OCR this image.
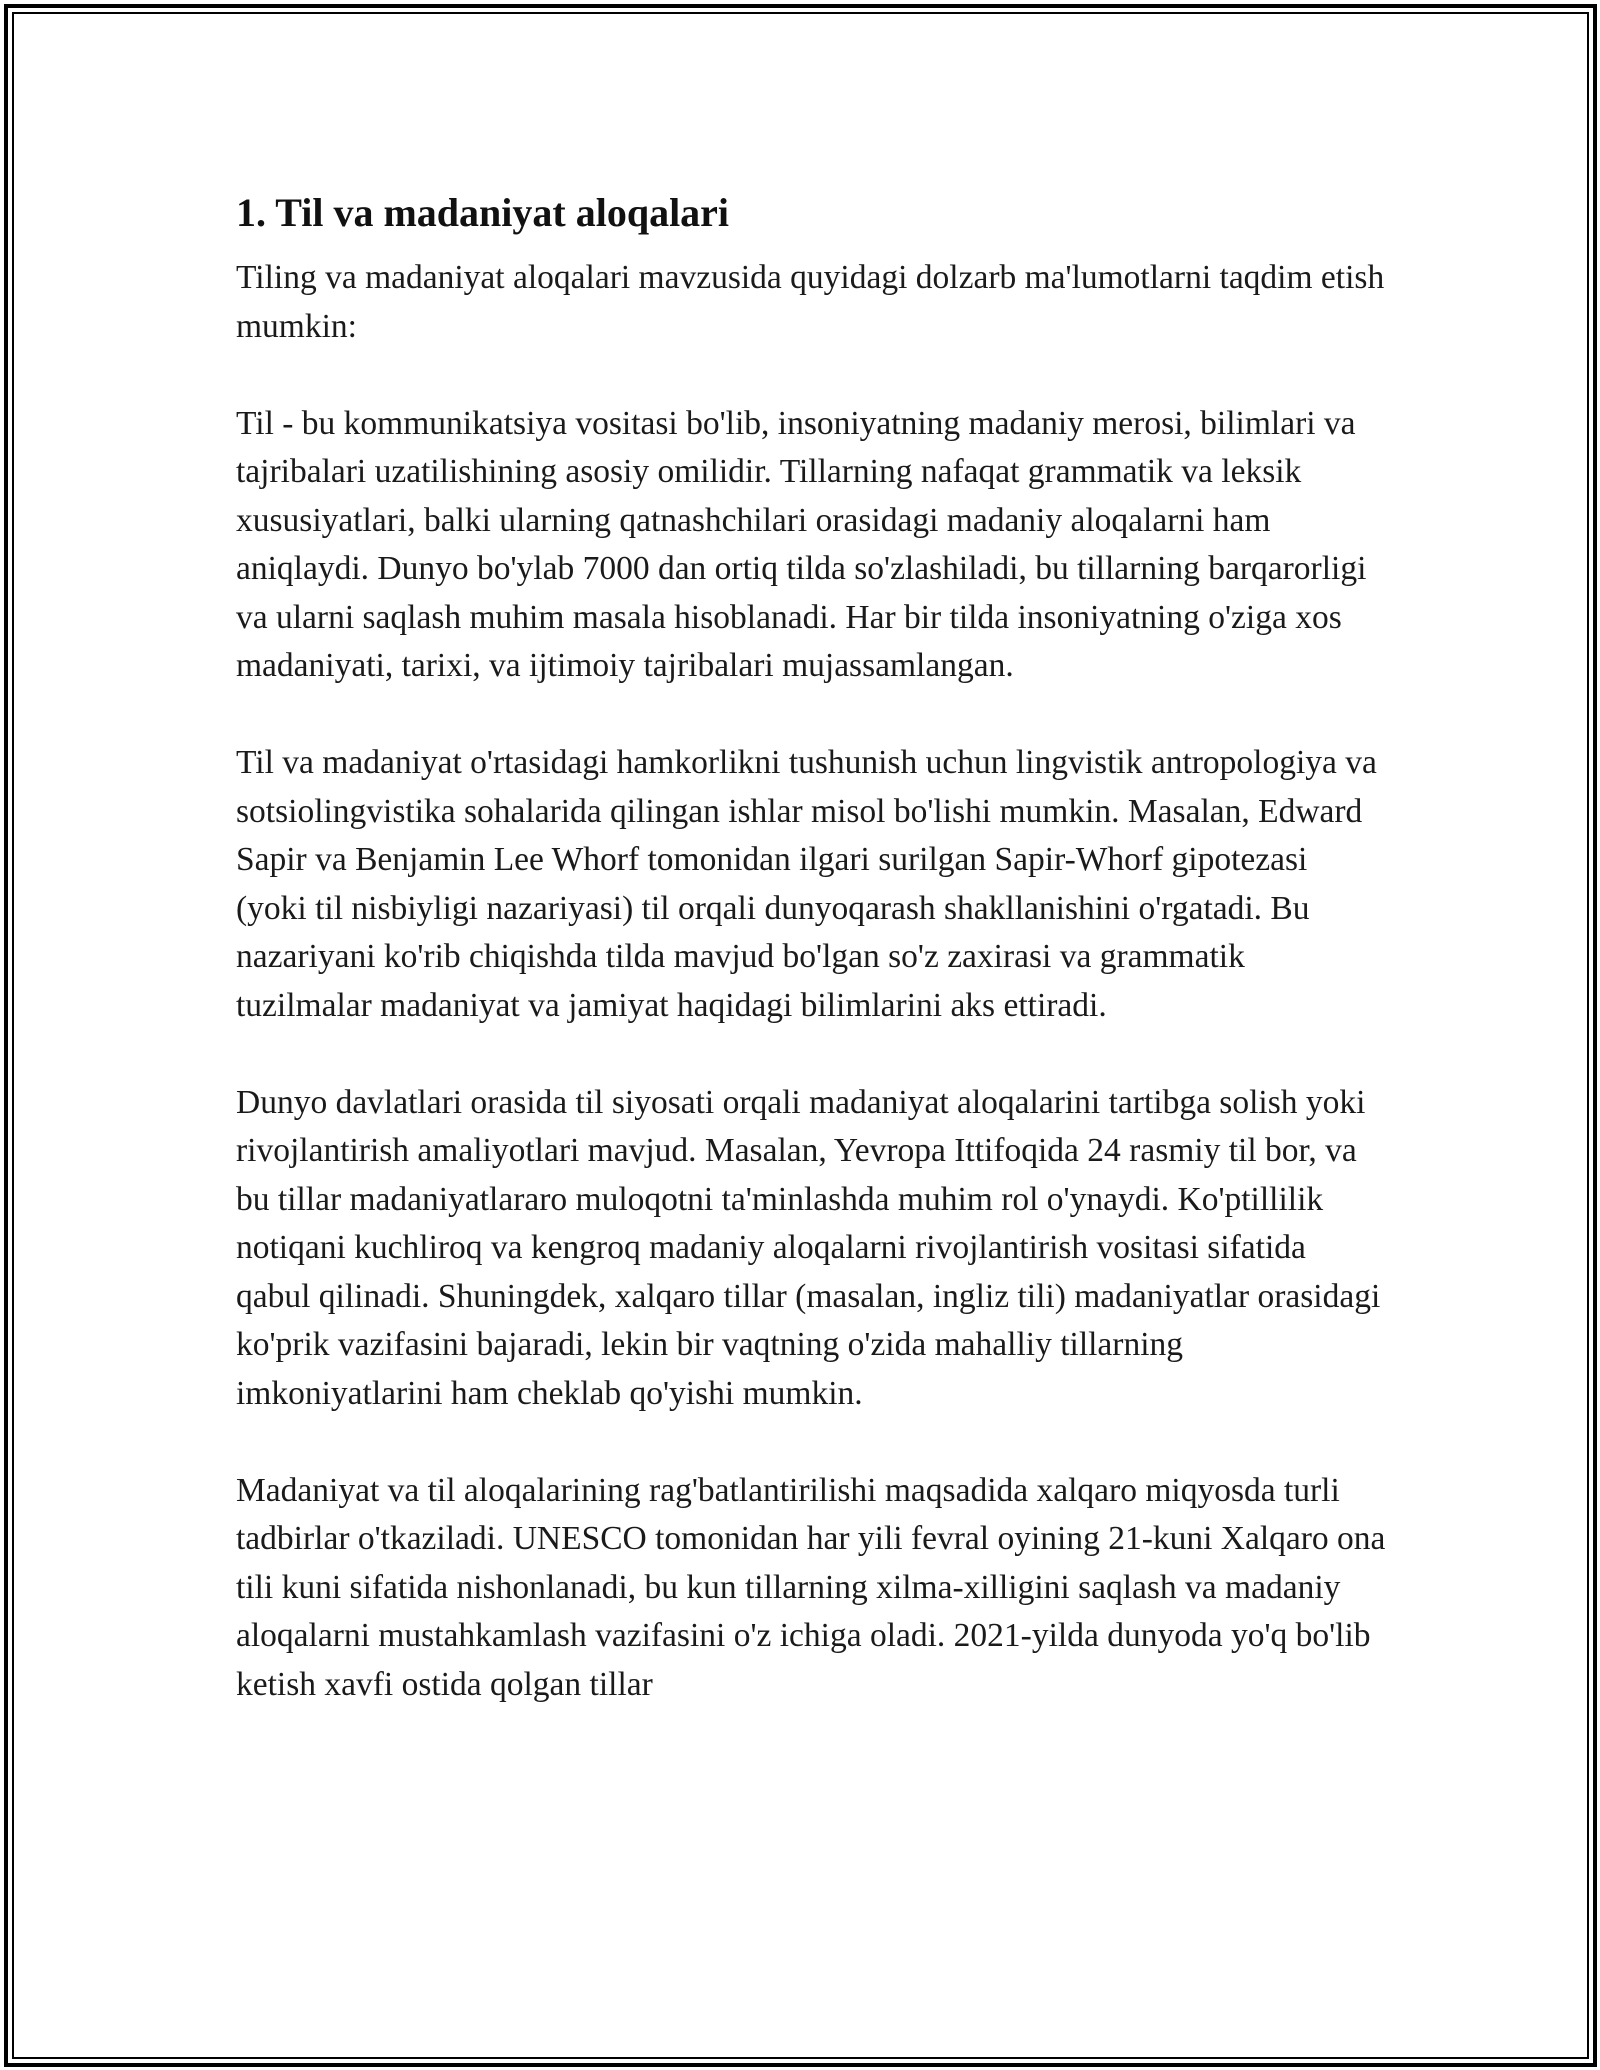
1. Til va madaniyat aloqalari

Tiling va madaniyat aloqalari mavzusida quyidagi dolzarb ma'lumotlarni taqdim etish mumkin:

Til - bu kommunikatsiya vositasi bo'lib, insoniyatning madaniy merosi, bilimlari va tajribalari uzatilishining asosiy omilidir. Tillarning nafaqat grammatik va leksik xususiyatlari, balki ularning qatnashchilari orasidagi madaniy aloqalarni ham aniqlaydi. Dunyo bo'ylab 7000 dan ortiq tilda so'zlashiladi, bu tillarning barqarorligi va ularni saqlash muhim masala hisoblanadi. Har bir tilda insoniyatning o'ziga xos madaniyati, tarixi, va ijtimoiy tajribalari mujassamlangan.

Til va madaniyat o'rtasidagi hamkorlikni tushunish uchun lingvistik antropologiya va sotsiolingvistika sohalarida qilingan ishlar misol bo'lishi mumkin. Masalan, Edward Sapir va Benjamin Lee Whorf tomonidan ilgari surilgan Sapir-Whorf gipotezasi (yoki til nisbiyligi nazariyasi) til orqali dunyoqarash shakllanishini o'rgatadi. Bu nazariyani ko'rib chiqishda tilda mavjud bo'lgan so'z zaxirasi va grammatik tuzilmalar madaniyat va jamiyat haqidagi bilimlarini aks ettiradi.

Dunyo davlatlari orasida til siyosati orqali madaniyat aloqalarini tartibga solish yoki rivojlantirish amaliyotlari mavjud. Masalan, Yevropa Ittifoqida 24 rasmiy til bor, va bu tillar madaniyatlararo muloqotni ta'minlashda muhim rol o'ynaydi. Ko'ptillilik notiqani kuchliroq va kengroq madaniy aloqalarni rivojlantirish vositasi sifatida qabul qilinadi. Shuningdek, xalqaro tillar (masalan, ingliz tili) madaniyatlar orasidagi ko'prik vazifasini bajaradi, lekin bir vaqtning o'zida mahalliy tillarning imkoniyatlarini ham cheklab qo'yishi mumkin.

Madaniyat va til aloqalarining rag'batlantirilishi maqsadida xalqaro miqyosda turli tadbirlar o'tkaziladi. UNESCO tomonidan har yili fevral oyining 21-kuni Xalqaro ona tili kuni sifatida nishonlanadi, bu kun tillarning xilma-xilligini saqlash va madaniy aloqalarni mustahkamlash vazifasini o'z ichiga oladi. 2021-yilda dunyoda yo'q bo'lib ketish xavfi ostida qolgan tillar
